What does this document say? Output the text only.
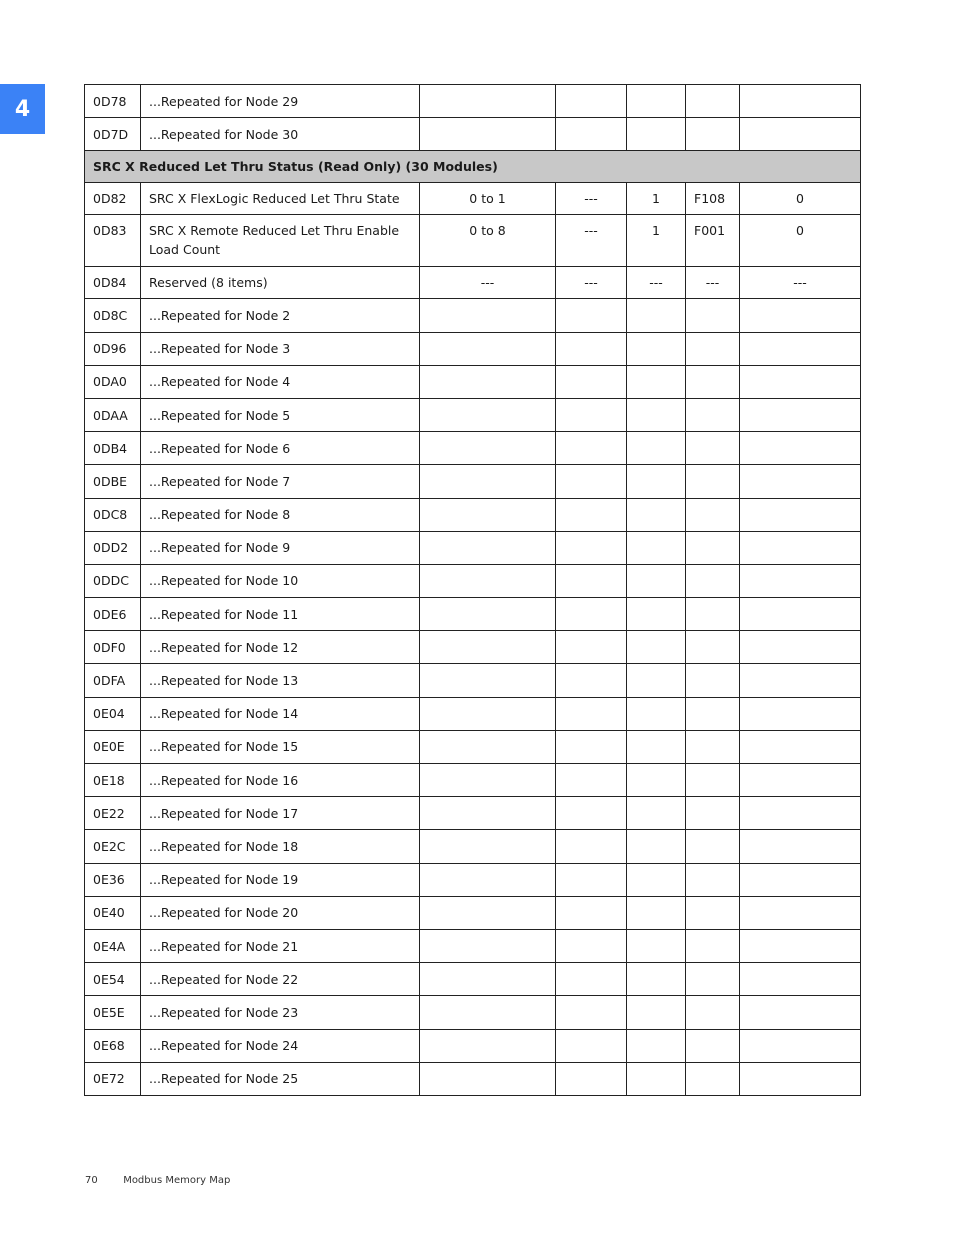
4	0D78	...Repeated for Node 29					
0D7D	...Repeated for Node 30					
SRC X Reduced Let Thru Status (Read Only) (30 Modules)						
0D82	SRC X FlexLogic Reduced Let Thru State	0 to 1	---	1	F108	0
0D83	SRC X Remote Reduced Let Thru Enable Load Count	0 to 8	---	1	F001	0
0D84	Reserved (8 items)	---	---	---	---	---
0D8C	...Repeated for Node 2					
0D96	...Repeated for Node 3					
0DA0	...Repeated for Node 4					
0DAA	...Repeated for Node 5					
0DB4	...Repeated for Node 6					
0DBE	...Repeated for Node 7					
0DC8	...Repeated for Node 8					
0DD2	...Repeated for Node 9					
0DDC	...Repeated for Node 10					
0DE6	...Repeated for Node 11					
0DF0	...Repeated for Node 12					
0DFA	...Repeated for Node 13					
0E04	...Repeated for Node 14					
0E0E	...Repeated for Node 15					
0E18	...Repeated for Node 16					
0E22	...Repeated for Node 17					
0E2C	...Repeated for Node 18					
0E36	...Repeated for Node 19					
0E40	...Repeated for Node 20					
0E4A	...Repeated for Node 21					
0E54	...Repeated for Node 22					
0E5E	...Repeated for Node 23					
0E68	...Repeated for Node 24					
0E72	...Repeated for Node 25					
70	Modbus Memory Map
